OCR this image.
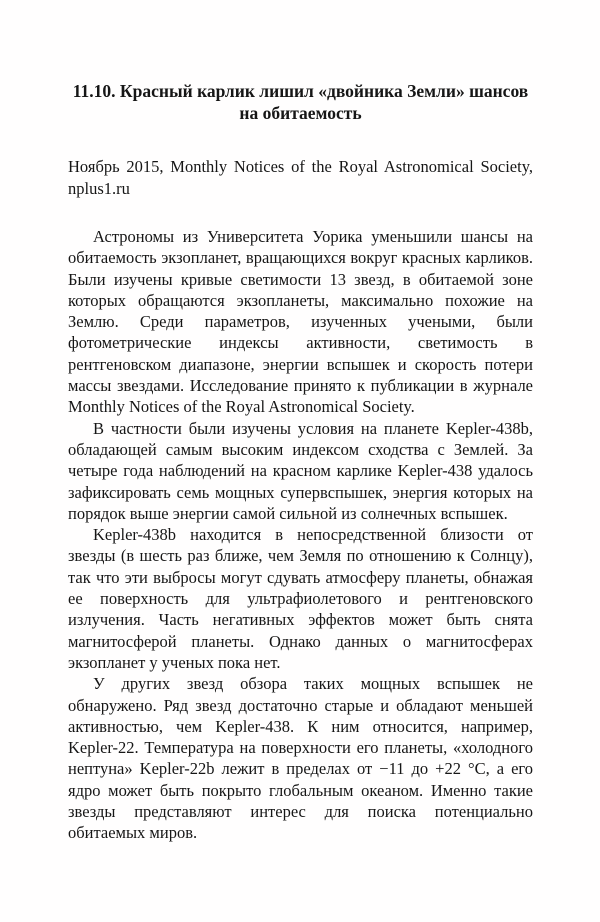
11.10. Красный карлик лишил «двойника Земли» шансов на обитаемость

Ноябрь 2015, Monthly Notices of the Royal Astronomical Society, nplus1.ru

Астрономы из Университета Уорика уменьшили шансы на обитаемость экзопланет, вращающихся вокруг красных карликов. Были изучены кривые светимости 13 звезд, в обитаемой зоне которых обращаются экзопланеты, максимально похожие на Землю. Среди параметров, изученных учеными, были фотометрические индексы активности, светимость в рентгеновском диапазоне, энергии вспышек и скорость потери массы звездами. Исследование принято к публикации в журнале Monthly Notices of the Royal Astronomical Society.

В частности были изучены условия на планете Kepler-438b, обладающей самым высоким индексом сходства с Землей. За четыре года наблюдений на красном карлике Kepler-438 удалось зафиксировать семь мощных супервспышек, энергия которых на порядок выше энергии самой сильной из солнечных вспышек.

Kepler-438b находится в непосредственной близости от звезды (в шесть раз ближе, чем Земля по отношению к Солнцу), так что эти выбросы могут сдувать атмосферу планеты, обнажая ее поверхность для ультрафиолетового и рентгеновского излучения. Часть негативных эффектов может быть снята магнитосферой планеты. Однако данных о магнитосферах экзопланет у ученых пока нет.

У других звезд обзора таких мощных вспышек не обнаружено. Ряд звезд достаточно старые и обладают меньшей активностью, чем Kepler-438. К ним относится, например, Kepler-22. Температура на поверхности его планеты, «холодного нептуна» Kepler-22b лежит в пределах от −11 до +22 °C, а его ядро может быть покрыто глобальным океаном. Именно такие звезды представляют интерес для поиска потенциально обитаемых миров.
